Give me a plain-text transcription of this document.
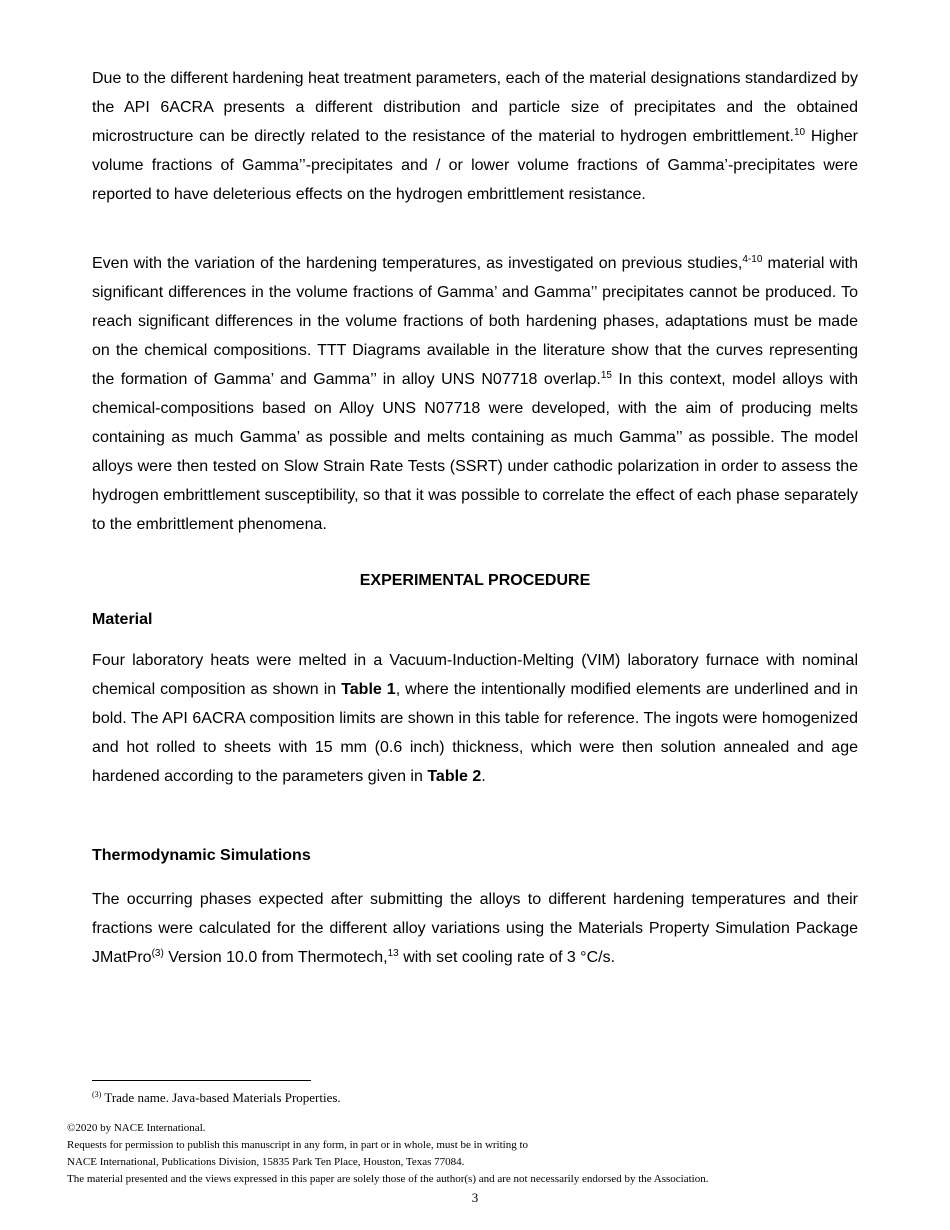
Due to the different hardening heat treatment parameters, each of the material designations standardized by the API 6ACRA presents a different distribution and particle size of precipitates and the obtained microstructure can be directly related to the resistance of the material to hydrogen embrittlement.$^{10}$ Higher volume fractions of Gamma’’-precipitates and / or lower volume fractions of Gamma’-precipitates were reported to have deleterious effects on the hydrogen embrittlement resistance.

Even with the variation of the hardening temperatures, as investigated on previous studies,$^{4-10}$ material with significant differences in the volume fractions of Gamma’ and Gamma’’ precipitates cannot be produced. To reach significant differences in the volume fractions of both hardening phases, adaptations must be made on the chemical compositions. TTT Diagrams available in the literature show that the curves representing the formation of Gamma’ and Gamma’’ in alloy UNS N07718 overlap.$^{15}$ In this context, model alloys with chemical-compositions based on Alloy UNS N07718 were developed, with the aim of producing melts containing as much Gamma’ as possible and melts containing as much Gamma’’ as possible. The model alloys were then tested on Slow Strain Rate Tests (SSRT) under cathodic polarization in order to assess the hydrogen embrittlement susceptibility, so that it was possible to correlate the effect of each phase separately to the embrittlement phenomena.

EXPERIMENTAL PROCEDURE
Material

Four laboratory heats were melted in a Vacuum-Induction-Melting (VIM) laboratory furnace with nominal chemical composition as shown in Table 1, where the intentionally modified elements are underlined and in bold. The API 6ACRA composition limits are shown in this table for reference. The ingots were homogenized and hot rolled to sheets with 15 mm (0.6 inch) thickness, which were then solution annealed and age hardened according to the parameters given in Table 2.

Thermodynamic Simulations

The occurring phases expected after submitting the alloys to different hardening temperatures and their fractions were calculated for the different alloy variations using the Materials Property Simulation Package JMatPro$^{(3)}$ Version 10.0 from Thermotech,$^{13}$ with set cooling rate of 3 °C/s.

$^{(3)}$ Trade name. Java-based Materials Properties.

©2020 by NACE International.
Requests for permission to publish this manuscript in any form, in part or in whole, must be in writing to
NACE International, Publications Division, 15835 Park Ten Place, Houston, Texas 77084.
The material presented and the views expressed in this paper are solely those of the author(s) and are not necessarily endorsed by the Association.

3
